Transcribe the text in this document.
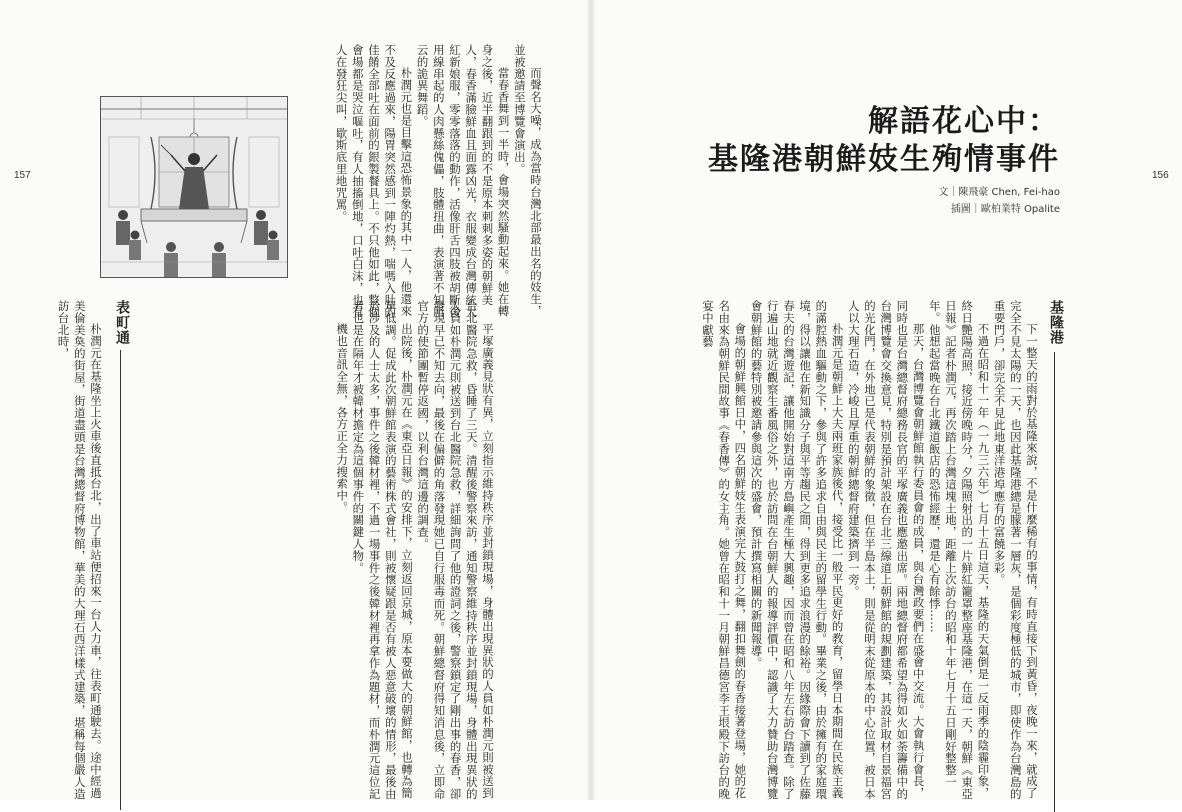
157	156
解語花心中：
基隆港朝鮮妓生殉情事件
文｜陳飛豪 Chen, Fei-hao
插圖｜歐柏業特 Opalite
基隆港
表町通

下一整天的雨對於基隆來說，不是什麼稀有的事情，有時直接下到黃昏，夜晚一來，就成了完全不見太陽的一天，也因此基隆港總是朦著一層灰，是個彩度極低的城市，即使作為台灣島的重要門戶，卻完全不見此地東洋港埠應有的富饒多彩。

不過在昭和十一年（一九三六年）七月十五日這天，基隆的天氣倒是一反雨季的陰霾印象，終日艷陽高照，接近傍晚時分，夕陽照射出的一片鮮紅籠罩整座基隆港，在這一天，朝鮮《東亞日報》記者朴潤元，再次踏上台灣這塊土地，距離上次訪台的昭和十年七月十五日剛好整整一年。他想起當晚在台北鐵道飯店的恐怖經歷，還是心有餘悸……

那天，台灣博覽會朝鮮館執行委員會的成員，與台灣政要們在盛會中交流。大會執行會長，同時也是台灣總督府總務長官的平塚廣義也應邀出席。兩地總督府都希望為得如火如荼籌備中的台灣博覽會交換意見，特別是預計架設在台北三線道上朝鮮館的規劃建築，其設計取材自景福宮的光化門，在外地已是代表朝鮮的象徵，但在半島本土，則是從明末從原本的中心位置，被日本人以大理石造，冷峻且厚重的朝鮮總督府建築擠到一旁。

朴潤元是朝鮮上大夫兩班家族後代，接受比一般平民更好的教育，留學日本期間在民族主義的滿腔熱血驅動之下，參與了許多追求自由與民主的留學生行動。畢業之後，由於擁有的家庭環境，得以讓他在新知識分子與平等趨民之間，得到更多追求浪漫的餘裕。因緣際會下讀到了佐藤春夫的台灣遊記，讓他開始對這南方島嶼產生極大興趣，因而曾在昭和八年左右訪台踏查。除了行遍山地就近觀察生番風俗之外，也於訪問在台朝鮮人的報導評價中，認識了大力贊助台灣博覽會朝鮮館的藝特別被邀請參與這次的盛會，預計撰寫相關的新聞報導。

會場的朝鮮興館日中，四名朝鮮妓生表演完大鼓打之舞，翻扣舞劍的春香接著登場，她的花名由來為朝鮮民間故事《春香傳》的女主角。她曾在昭和十一月朝鮮昌德宮李王垠殿下訪台的晚宴中獻藝

而聲名大噪，成為當時台灣北部最出名的妓生，並被邀請至博覽會演出。

當春香舞到一半時，會場突然騷動起來。她在轉身之後，近半翻跟到的不是原本刺刺多姿的朝鮮美人，春香滿臉鮮血且面露凶光，衣服變成台灣傳統大紅新娘服，零零落落的動作，活像肝舌四肢被胡斷後用線串起的人肉懸絲傀儡，肢體扭曲，表演著不知所云的詭異舞蹈。

朴潤元也是目擊這恐怖景象的其中一人，他還來不及反應過來，陽胃突然感到一陣灼熱，喘嗎入肚的佳餚全部吐在面前的銀製餐具上。不只他如此，整個會場都是哭泣嘔吐，有人抽搐倒地，口吐白沫，也有人在發狂尖叫，歇斯底里地咒罵。

平塚廣義見狀有異，立刻指示維持秩序並封鎖現場，身體出現異狀的人員如朴潤元則被送到台北醫院急救，昏睡了三天。清醒後警察來訪，通知警察維持秩序並封鎖現場，身體出現異狀的人員如朴潤元則被送到台北醫院急救，詳細詢問了他的證詞之後，警察鎖定了剛出事的春香，卻發現早已不知去向，最後在偏僻的角落發現她已自行服毒而死。朝鮮總督府得知消息後，立即命官方的使節團暫停返國，以利台灣這邊的調查。

出院後，朴潤元在《東亞日報》的安排下，立刻返回京城，原本要做大的朝鮮館，也轉為簡單低調。促成此次朝鮮館表演的藝術株式會社，則被懷疑跟是否有被人惡意破壞的情形，最後由於涉及的人士太多，事件之後韓材裡，不過一場事件之後韓材裡再拿作為題材，而朴潤元這位記者也是在隔年才被韓材擔定為這個事件的關鍵人物。

機也音訊全無，各方正全力搜索中。

朴潤元在基隆坐上火車後直抵台北，出了車站便招來一台人力車，往表町通駛去。途中經過美倫美奐的街屋，街道盡頭是台灣總督府博物館，華美的大理石西洋樣式建築，堪稱每個嚴人造訪台北時，
